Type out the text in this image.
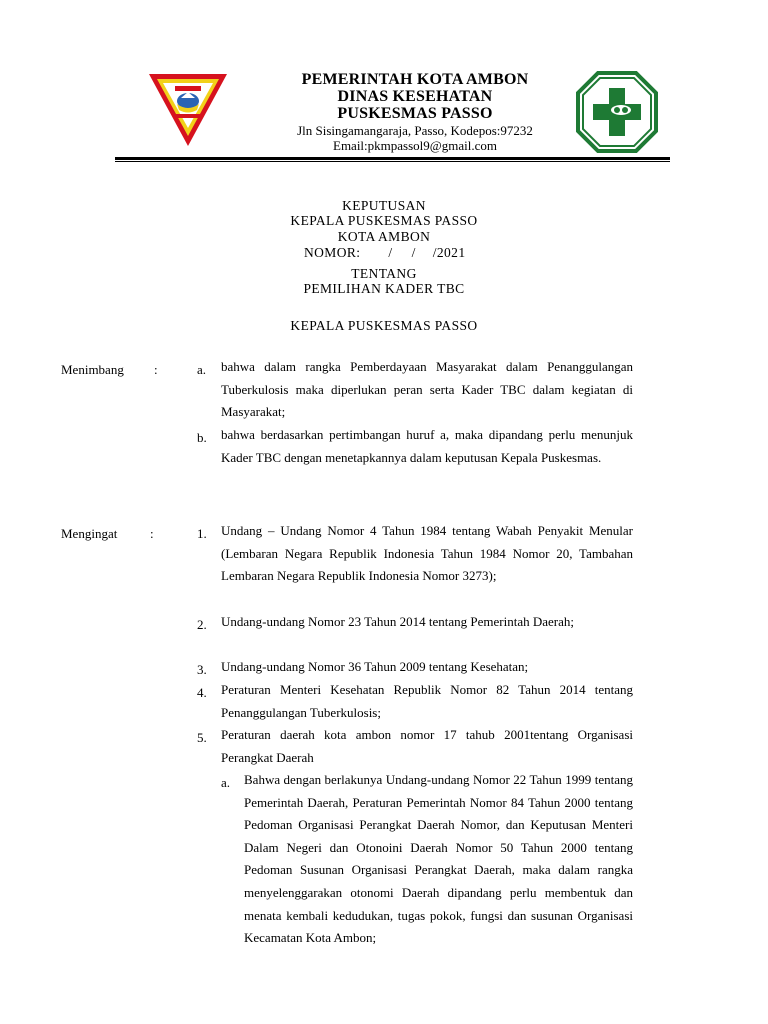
PEMERINTAH KOTA AMBON
DINAS KESEHATAN
PUSKESMAS PASSO
Jln Sisingamangaraja, Passo, Kodepos:97232
Email:pkmpassol9@gmail.com
KEPUTUSAN
KEPALA PUSKESMAS PASSO
KOTA AMBON
NOMOR: / / /2021
TENTANG
PEMILIHAN KADER TBC
KEPALA PUSKESMAS PASSO
Menimbang :	a. bahwa dalam rangka Pemberdayaan Masyarakat dalam Penanggulangan Tuberkulosis maka diperlukan peran serta Kader TBC dalam kegiatan di Masyarakat;

b. bahwa berdasarkan pertimbangan huruf a, maka dipandang perlu menunjuk Kader TBC dengan menetapkannya dalam keputusan Kepala Puskesmas.

Mengingat	:	1. Undang – Undang Nomor 4 Tahun 1984 tentang Wabah Penyakit Menular (Lembaran Negara Republik Indonesia Tahun 1984 Nomor 20, Tambahan Lembaran Negara Republik Indonesia Nomor 3273);

2. Undang-undang Nomor 23 Tahun 2014 tentang Pemerintah Daerah;

3. Undang-undang Nomor 36 Tahun 2009 tentang Kesehatan;

4. Peraturan Menteri Kesehatan Republik Nomor 82 Tahun 2014 tentang Penanggulangan Tuberkulosis;

5. Peraturan daerah kota ambon nomor 17 tahub 2001tentang Organisasi Perangkat Daerah

a. Bahwa dengan berlakunya Undang-undang Nomor 22 Tahun 1999 tentang Pemerintah Daerah, Peraturan Pemerintah Nomor 84 Tahun 2000 tentang Pedoman Organisasi Perangkat Daerah Nomor, dan Keputusan Menteri Dalam Negeri dan Otonoini Daerah Nomor 50 Tahun 2000 tentang Pedoman Susunan Organisasi Perangkat Daerah, maka dalam rangka menyelenggarakan otonomi Daerah dipandang perlu membentuk dan menata kembali kedudukan, tugas pokok, fungsi dan susunan Organisasi Kecamatan Kota Ambon;
